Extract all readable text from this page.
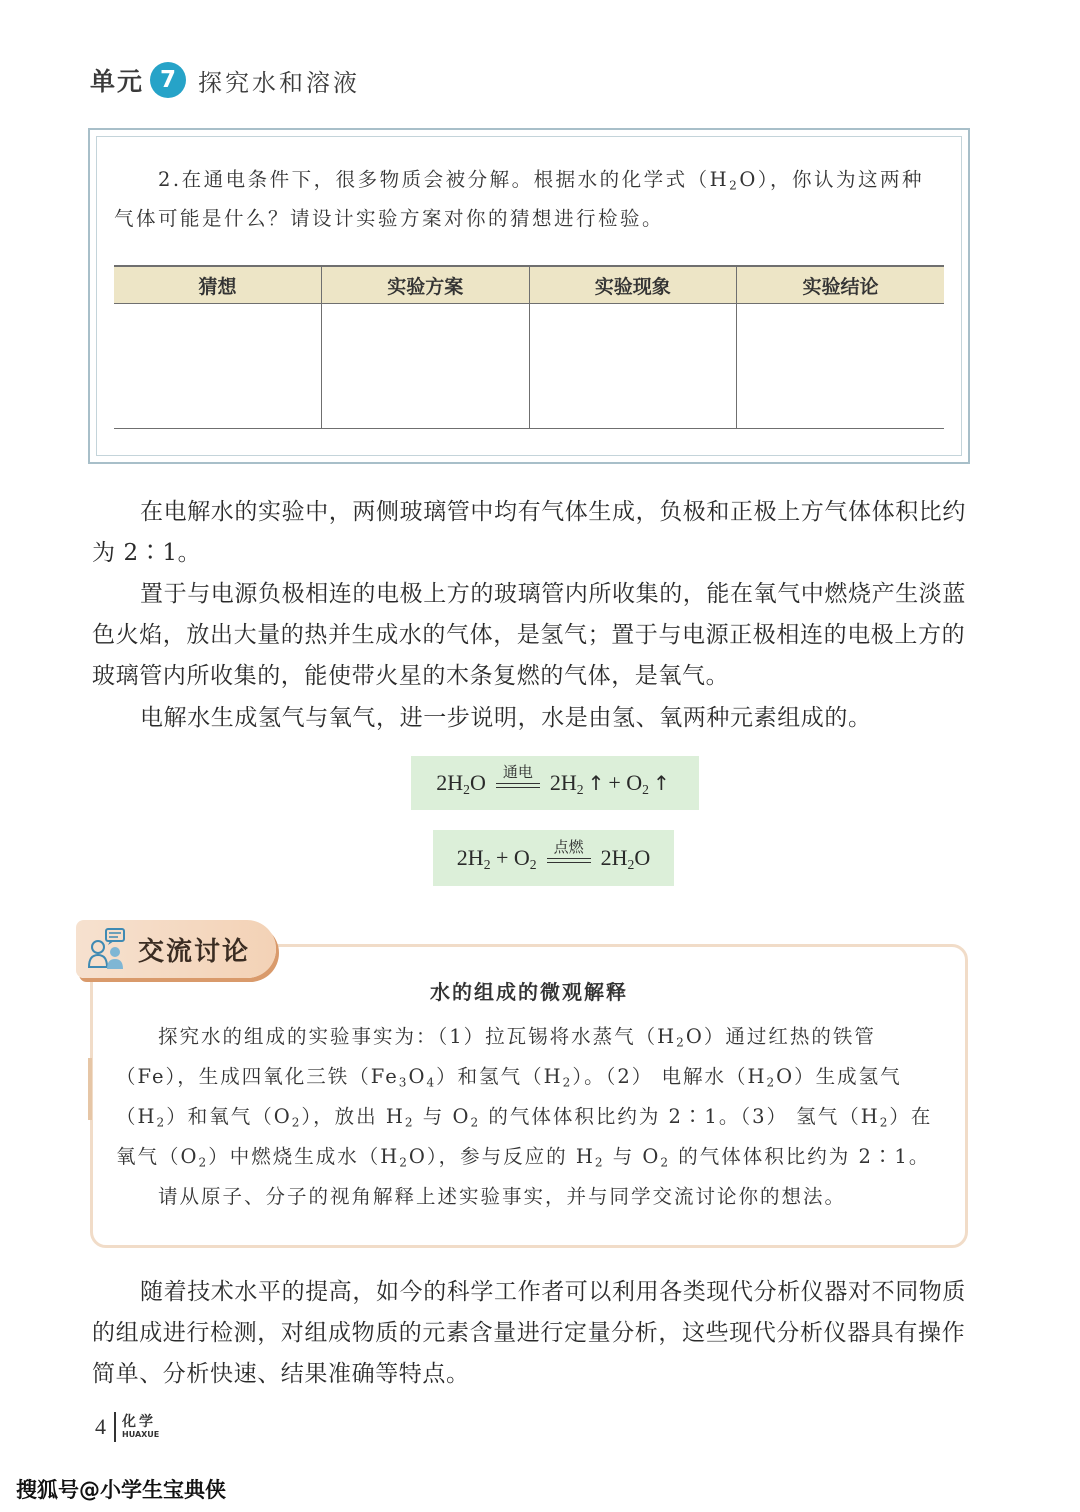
单元 7 探究水和溶液

2.在通电条件下，很多物质会被分解。根据水的化学式$(H_2O)$，你认为这两种气体可能是什么？请设计实验方案对你的猜想进行检验。

猜想	实验方案	实验现象	实验结论

在电解水的实验中，两侧玻璃管中均有气体生成，负极和正极上方气体体积比约为 2∶1。

置于与电源负极相连的电极上方的玻璃管内所收集的，能在氧气中燃烧产生淡蓝色火焰，放出大量的热并生成水的气体，是氢气；置于与电源正极相连的电极上方的玻璃管内所收集的，能使带火星的木条复燃的气体，是氧气。

电解水生成氢气与氧气，进一步说明，水是由氢、氧两种元素组成的。

$2H_2O$ 通电 $2H_2$ ↑ + $O_2$ ↑
$2H_2 + O_2$
点燃 $2H_2O$
交流讨论
水的组成的微观解释

探究水的组成的实验事实为：（1）拉瓦锡将水蒸气$(H_2O)$通过红热的铁管（Fe），生成四氧化三铁$(Fe_3O_4)$和氢气$(H_2)$。（2） 电解水$(H_2O)$生成氢气$(H_2)$和氧气$(O_2)$，放出 $H_2$ 与 $O_2$ 的气体体积比约为 2∶1。（3） 氢气$(H_2)$在氧气$(O_2)$中燃烧生成水$(H_2O)$，参与反应的 $H_2$ 与 $O_2$ 的气体体积比约为 2∶1。

请从原子、分子的视角解释上述实验事实，并与同学交流讨论你的想法。

随着技术水平的提高，如今的科学工作者可以利用各类现代分析仪器对不同物质的组成进行检测，对组成物质的元素含量进行定量分析，这些现代分析仪器具有操作简单、分析快速、结果准确等特点。

4	化学
HUAXUE
搜狐号@小学生宝典侠
